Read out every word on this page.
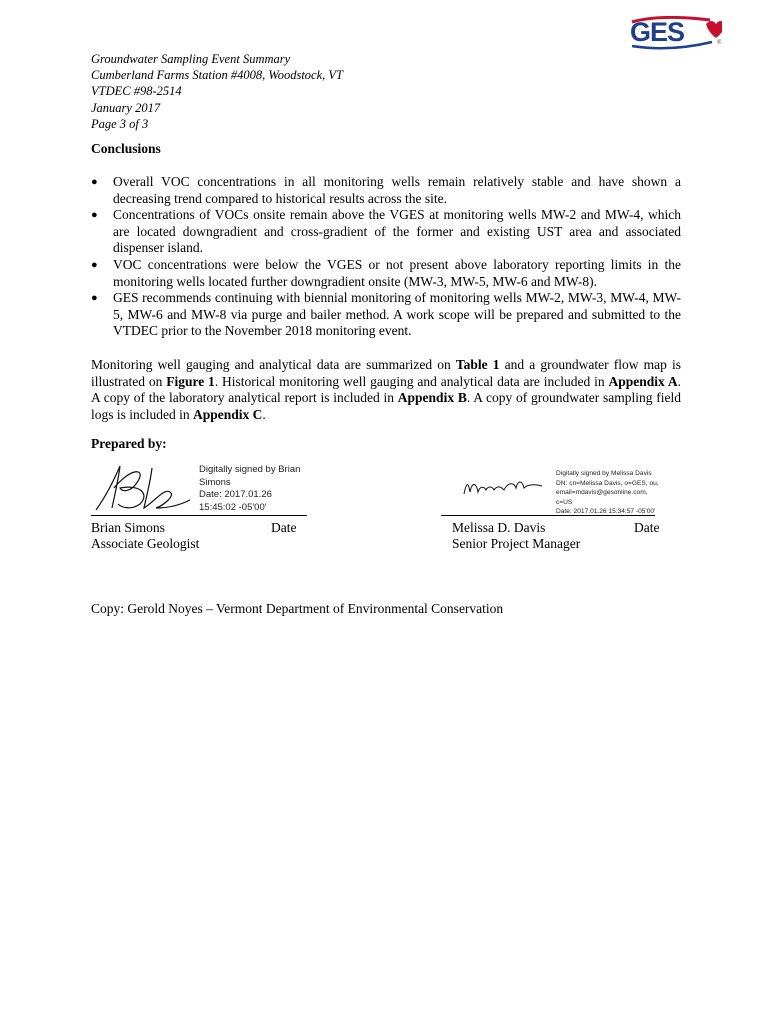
GES	®
Groundwater Sampling Event Summary
Cumberland Farms Station #4008, Woodstock, VT
VTDEC #98-2514
January 2017
Page 3 of 3
Conclusions
● Overall VOC concentrations in all monitoring wells remain relatively stable and have shown a decreasing trend compared to historical results across the site.
● Concentrations of VOCs onsite remain above the VGES at monitoring wells MW-2 and MW-4, which are located downgradient and cross-gradient of the former and existing UST area and associated dispenser island.
● VOC concentrations were below the VGES or not present above laboratory reporting limits in the monitoring wells located further downgradient onsite (MW-3, MW-5, MW-6 and MW-8).
● GES recommends continuing with biennial monitoring of monitoring wells MW-2, MW-3, MW-4, MW-5, MW-6 and MW-8 via purge and bailer method. A work scope will be prepared and submitted to the VTDEC prior to the November 2018 monitoring event.

Monitoring well gauging and analytical data are summarized on Table 1 and a groundwater flow map is illustrated on Figure 1. Historical monitoring well gauging and analytical data are included in Appendix A. A copy of the laboratory analytical report is included in Appendix B. A copy of groundwater sampling field logs is included in Appendix C.

Prepared by:
Digitally signed by Brian
Simons
Date: 2017.01.26
15:45:02 -05'00'
Brian Simons	Date
Associate Geologist
Digitally signed by Melissa Davis
DN: cn=Melissa Davis, o=GES, ou,
email=mdavis@gesonline.com,
c=US
Date: 2017.01.26 15:34:57 -05'00'
Melissa D. Davis	Date
Senior Project Manager
Copy: Gerold Noyes – Vermont Department of Environmental Conservation
